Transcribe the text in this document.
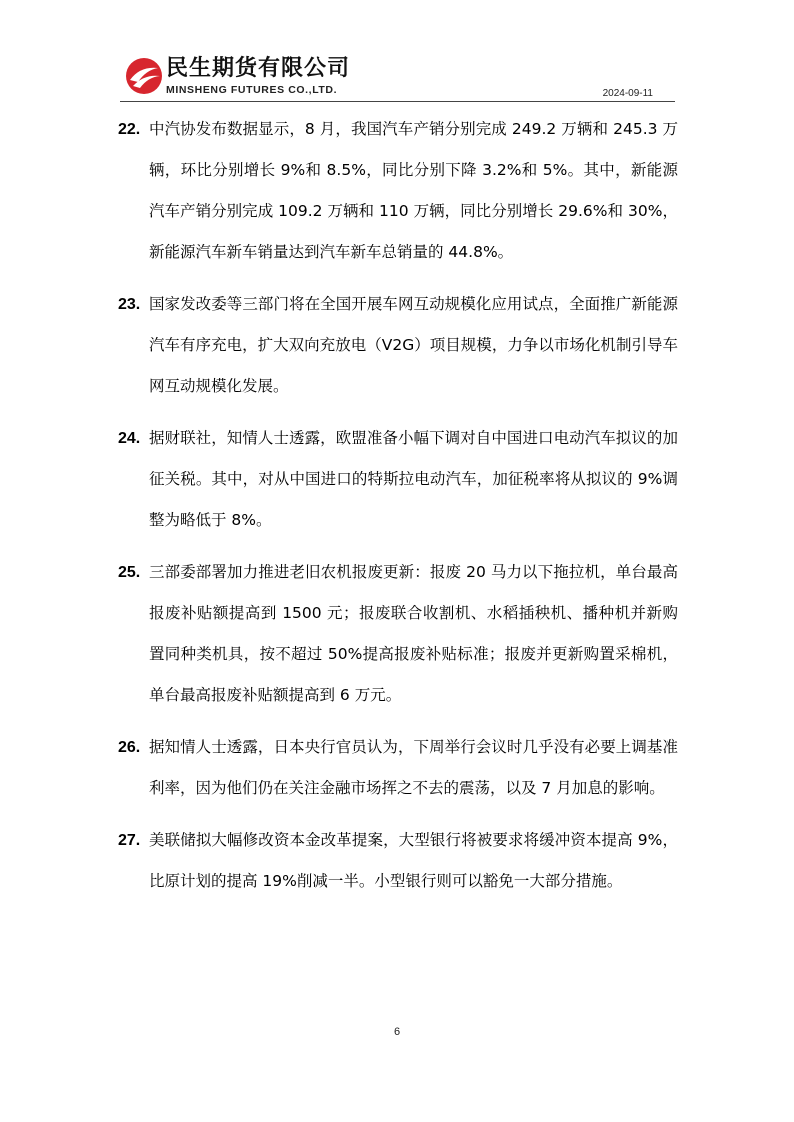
民生期货有限公司
MINSHENG FUTURES CO.,LTD.	2024-09-11
22. 中汽协发布数据显示，8 月，我国汽车产销分别完成 249.2 万辆和 245.3 万辆，环比分别增长 9%和 8.5%，同比分别下降 3.2%和 5%。其中，新能源汽车产销分别完成 109.2 万辆和 110 万辆，同比分别增长 29.6%和 30%，新能源汽车新车销量达到汽车新车总销量的 44.8%。
23. 国家发改委等三部门将在全国开展车网互动规模化应用试点，全面推广新能源汽车有序充电，扩大双向充放电（V2G）项目规模，力争以市场化机制引导车网互动规模化发展。
24. 据财联社，知情人士透露，欧盟准备小幅下调对自中国进口电动汽车拟议的加征关税。其中，对从中国进口的特斯拉电动汽车，加征税率将从拟议的 9%调整为略低于 8%。
25. 三部委部署加力推进老旧农机报废更新：报废 20 马力以下拖拉机，单台最高报废补贴额提高到 1500 元；报废联合收割机、水稻插秧机、播种机并新购置同种类机具，按不超过 50%提高报废补贴标准；报废并更新购置采棉机，单台最高报废补贴额提高到 6 万元。
26. 据知情人士透露，日本央行官员认为，下周举行会议时几乎没有必要上调基准利率，因为他们仍在关注金融市场挥之不去的震荡，以及 7 月加息的影响。
27. 美联储拟大幅修改资本金改革提案，大型银行将被要求将缓冲资本提高 9%，比原计划的提高 19%削减一半。小型银行则可以豁免一大部分措施。
6
